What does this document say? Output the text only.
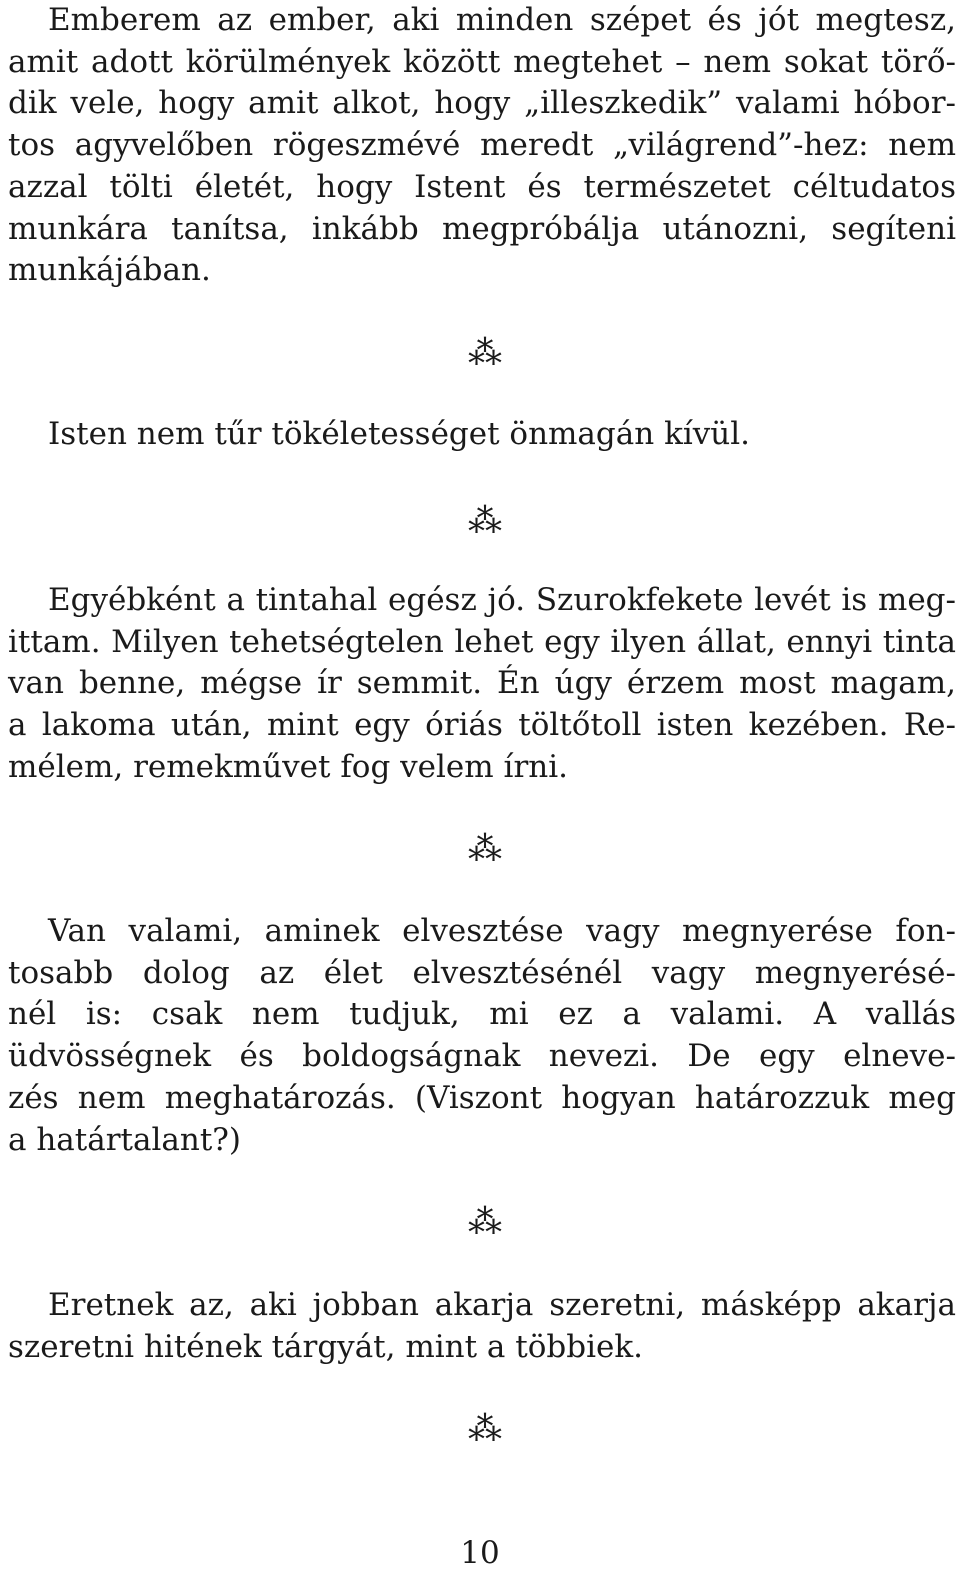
Emberem az ember, aki minden szépet és jót megtesz,
amit adott körülmények között megtehet – nem sokat törő-
dik vele, hogy amit alkot, hogy „illeszkedik” valami hóbor-
tos agyvelőben rögeszmévé meredt „világrend”-hez: nem
azzal tölti életét, hogy Istent és természetet céltudatos
munkára tanítsa, inkább megpróbálja utánozni, segíteni
munkájában.
⁂
Isten nem tűr tökéletességet önmagán kívül.
⁂
Egyébként a tintahal egész jó. Szurokfekete levét is meg-
ittam. Milyen tehetségtelen lehet egy ilyen állat, ennyi tinta
van benne, mégse ír semmit. Én úgy érzem most magam,
a lakoma után, mint egy óriás töltőtoll isten kezében. Re-
mélem, remekművet fog velem írni.
⁂
Van valami, aminek elvesztése vagy megnyerése fon-
tosabb dolog az élet elvesztésénél vagy megnyerésé-
nél is: csak nem tudjuk, mi ez a valami. A vallás
üdvösségnek és boldogságnak nevezi. De egy elneve-
zés nem meghatározás. (Viszont hogyan határozzuk meg
a határtalant?)
⁂
Eretnek az, aki jobban akarja szeretni, másképp akarja
szeretni hitének tárgyát, mint a többiek.
⁂
10
